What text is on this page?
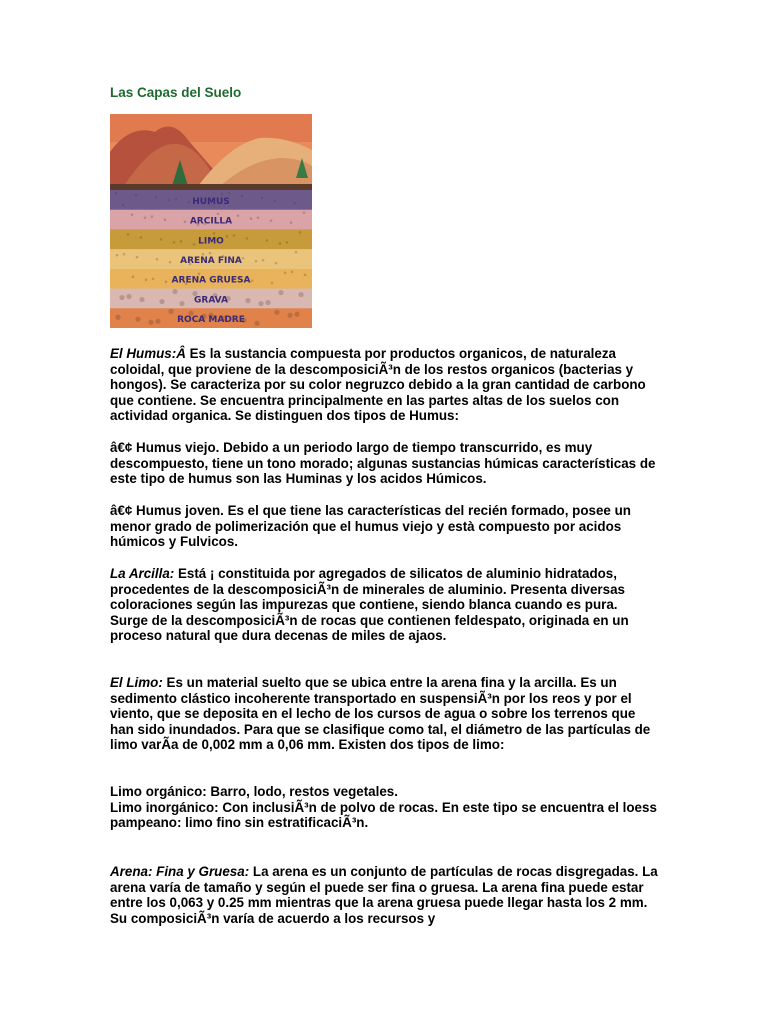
Las Capas del Suelo
HUMUS
ARCILLA
LIMO
ARENA FINA
ARENA GRUESA
GRAVA
ROCA MADRE

El Humus:Â Es la sustancia compuesta por productos organicos, de naturaleza coloidal, que proviene de la descomposiciÃ³n de los restos organicos (bacterias y hongos). Se caracteriza por su color negruzco debido a la gran cantidad de carbono que contiene. Se encuentra principalmente en las partes altas de los suelos con actividad organica. Se distinguen dos tipos de Humus:

â€¢ Humus viejo. Debido a un periodo largo de tiempo transcurrido, es muy descompuesto, tiene un tono morado; algunas sustancias húmicas características de este tipo de humus son las Huminas y los acidos Húmicos.

â€¢ Humus joven. Es el que tiene las características del recién formado, posee un menor grado de polimerización que el humus viejo y està compuesto por acidos húmicos y Fulvicos.

La Arcilla: Está ¡ constituida por agregados de silicatos de aluminio hidratados, procedentes de la descomposiciÃ³n de minerales de aluminio. Presenta diversas coloraciones según las impurezas que contiene, siendo blanca cuando es pura. Surge de la descomposiciÃ³n de rocas que contienen feldespato, originada en un proceso natural que dura decenas de miles de ajaos.

El Limo: Es un material suelto que se ubica entre la arena fina y la arcilla. Es un sedimento clástico incoherente transportado en suspensiÃ³n por los reos y por el viento, que se deposita en el lecho de los cursos de agua o sobre los terrenos que han sido inundados. Para que se clasifique como tal, el diámetro de las partículas de limo varÃa de 0,002 mm a 0,06 mm. Existen dos tipos de limo:

Limo orgánico: Barro, lodo, restos vegetales.

Limo inorgánico: Con inclusiÃ³n de polvo de rocas. En este tipo se encuentra el loess pampeano: limo fino sin estratificaciÃ³n.

Arena: Fina y Gruesa: La arena es un conjunto de partículas de rocas disgregadas. La arena varía de tamaño y según el puede ser fina o gruesa. La arena fina puede estar entre los 0,063 y 0.25 mm mientras que la arena gruesa puede llegar hasta los 2 mm. Su composiciÃ³n varía de acuerdo a los recursos y
